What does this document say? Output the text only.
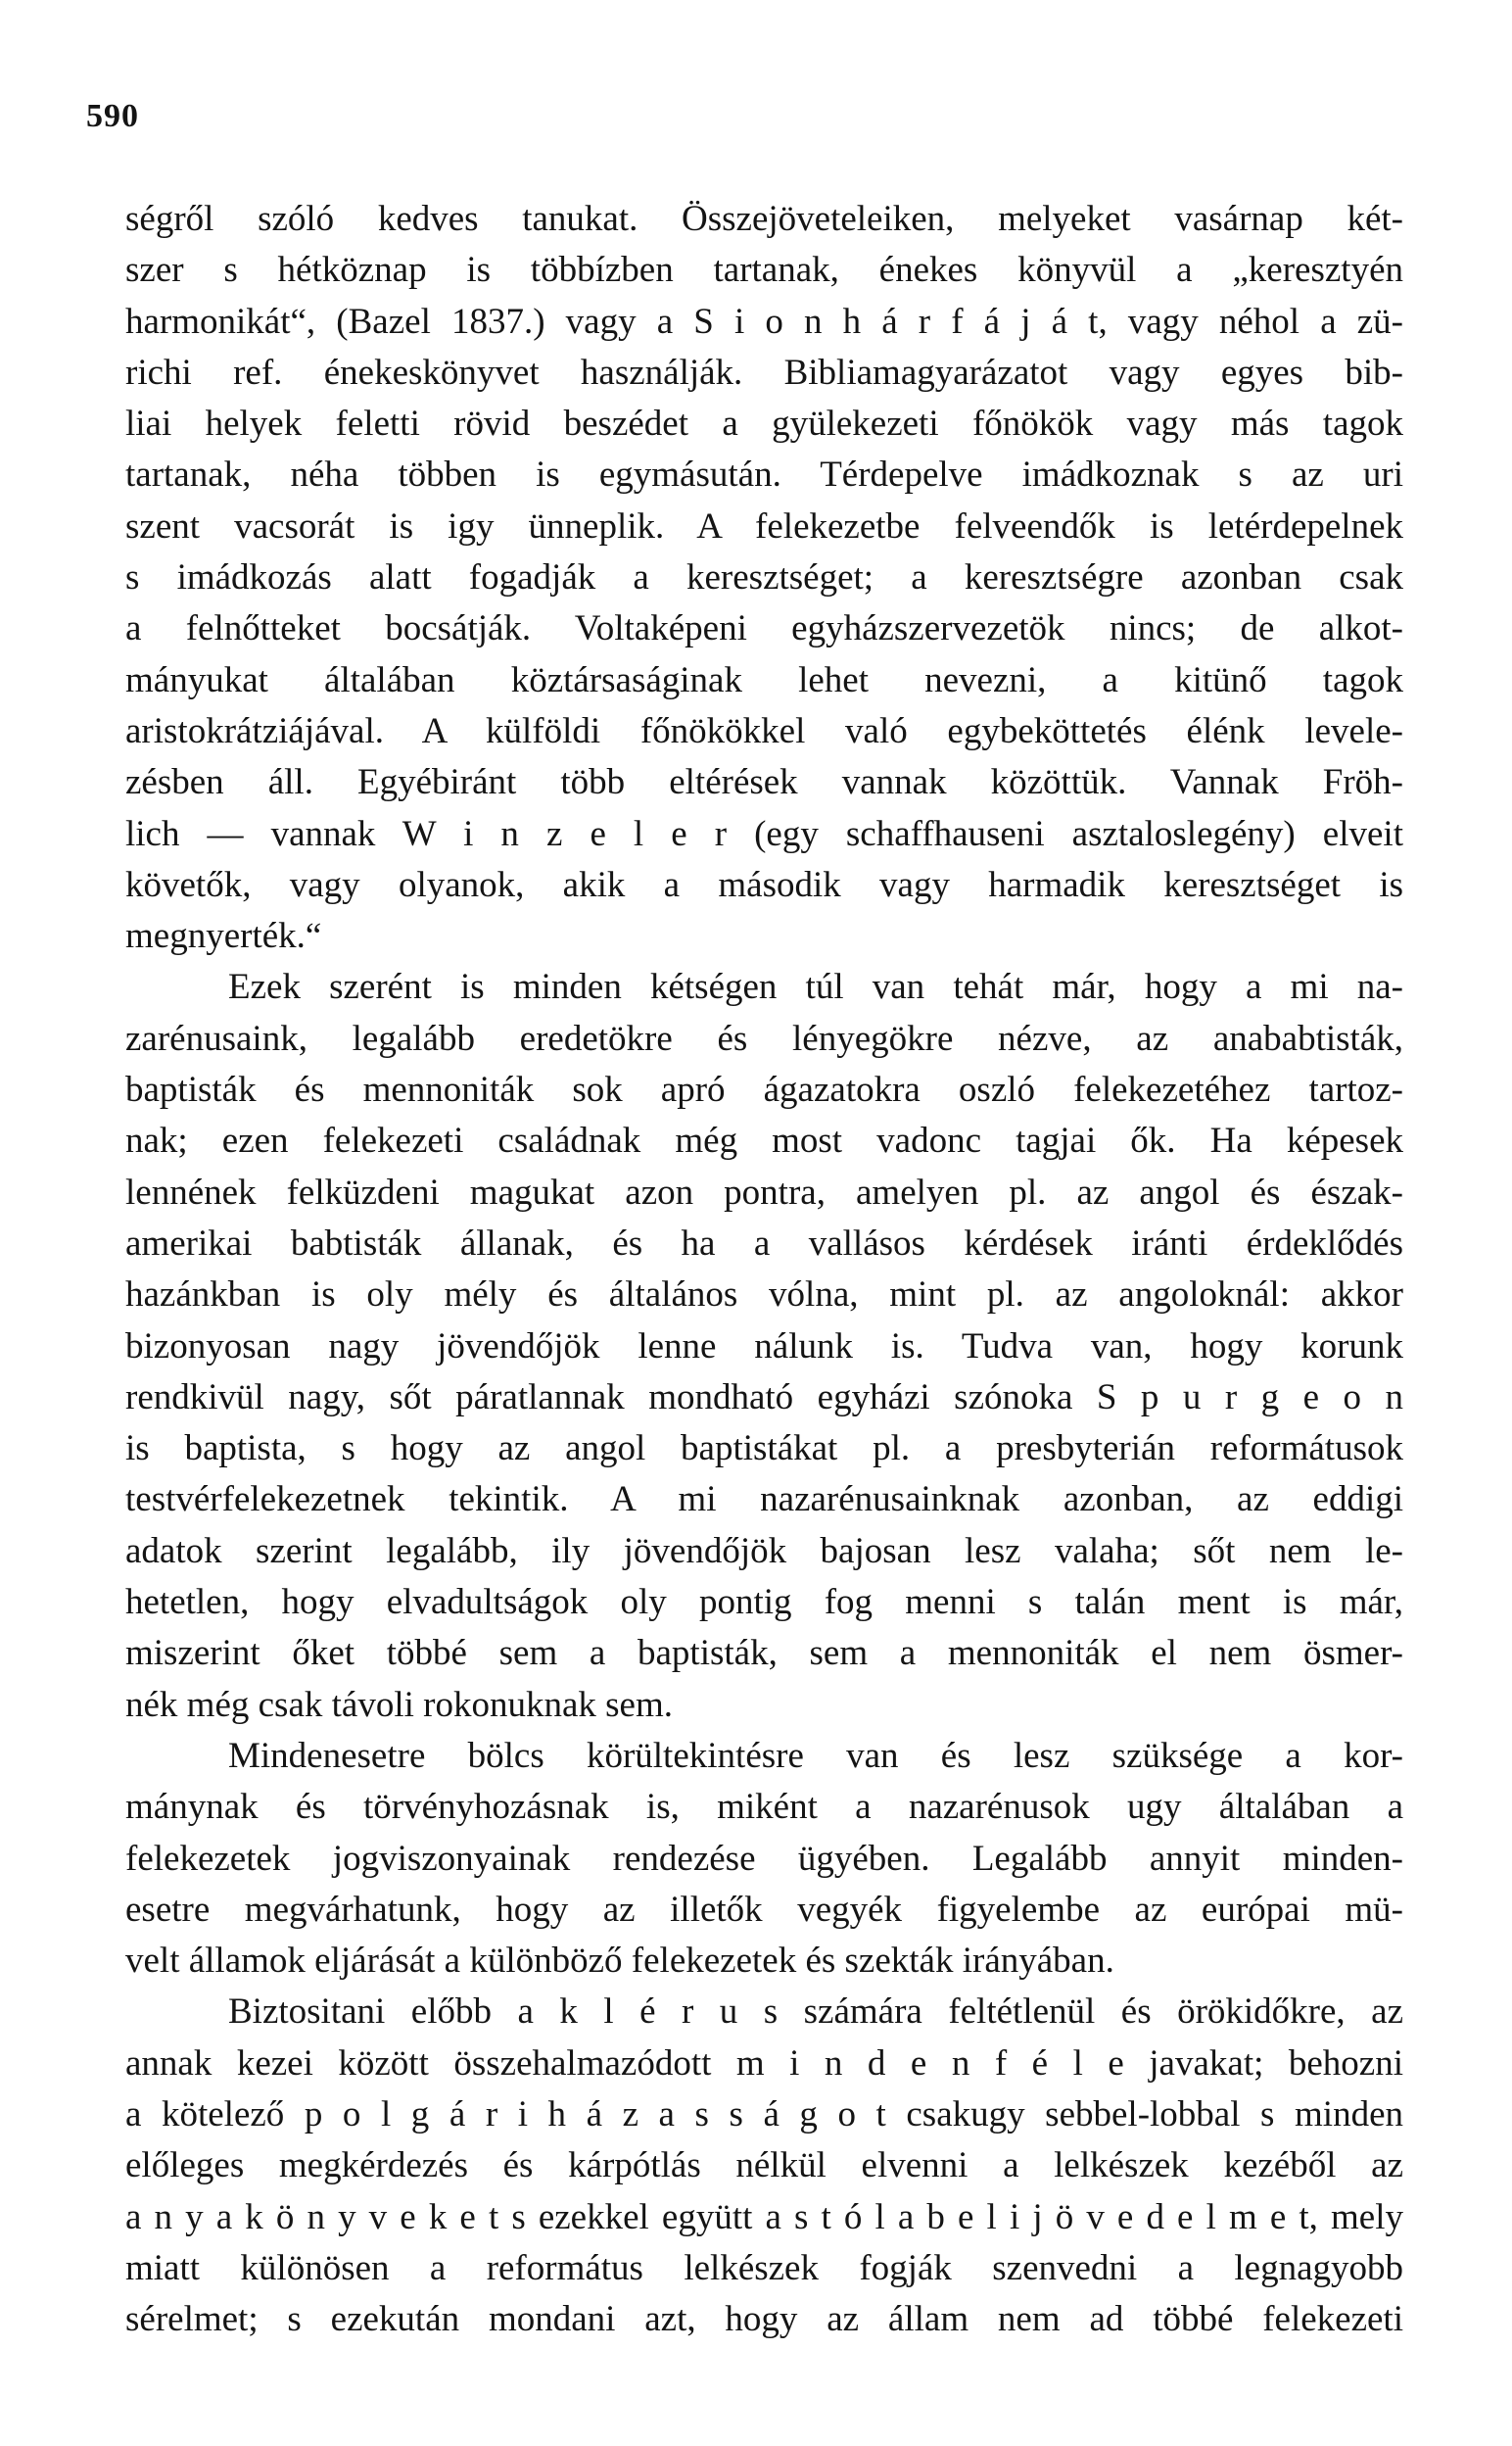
590
ségről szóló kedves tanukat. Összejöveteleiken, melyeket vasárnap két-
szer s hétköznap is többízben tartanak, énekes könyvül a „keresztyén
harmonikát“, (Bazel 1837.) vagy a S i o n h á r f á j á t, vagy néhol a zü-
richi ref. énekeskönyvet használják. Bibliamagyarázatot vagy egyes bib-
liai helyek feletti rövid beszédet a gyülekezeti főnökök vagy más tagok
tartanak, néha többen is egymásután. Térdepelve imádkoznak s az uri
szent vacsorát is igy ünneplik. A felekezetbe felveendők is letérdepelnek
s imádkozás alatt fogadják a keresztséget; a keresztségre azonban csak
a felnőtteket bocsátják. Voltaképeni egyházszervezetök nincs; de alkot-
mányukat általában köztársaságinak lehet nevezni, a kitünő tagok
aristokrátziájával. A külföldi főnökökkel való egybeköttetés élénk levele-
zésben áll. Egyébiránt több eltérések vannak közöttük. Vannak Fröh-
lich — vannak W i n z e l e r (egy schaffhauseni asztaloslegény) elveit
követők, vagy olyanok, akik a második vagy harmadik keresztséget is
megnyerték.“
Ezek szerént is minden kétségen túl van tehát már, hogy a mi na-
zarénusaink, legalább eredetökre és lényegökre nézve, az anababtisták,
baptisták és mennoniták sok apró ágazatokra oszló felekezetéhez tartoz-
nak; ezen felekezeti családnak még most vadonc tagjai ők. Ha képesek
lennének felküzdeni magukat azon pontra, amelyen pl. az angol és észak-
amerikai babtisták állanak, és ha a vallásos kérdések iránti érdeklődés
hazánkban is oly mély és általános vólna, mint pl. az angoloknál: akkor
bizonyosan nagy jövendőjök lenne nálunk is. Tudva van, hogy korunk
rendkivül nagy, sőt páratlannak mondható egyházi szónoka S p u r g e o n
is baptista, s hogy az angol baptistákat pl. a presbyterián reformátusok
testvérfelekezetnek tekintik. A mi nazarénusainknak azonban, az eddigi
adatok szerint legalább, ily jövendőjök bajosan lesz valaha; sőt nem le-
hetetlen, hogy elvadultságok oly pontig fog menni s talán ment is már,
miszerint őket többé sem a baptisták, sem a mennoniták el nem ösmer-
nék még csak távoli rokonuknak sem.
Mindenesetre bölcs körültekintésre van és lesz szüksége a kor-
mánynak és törvényhozásnak is, miként a nazarénusok ugy általában a
felekezetek jogviszonyainak rendezése ügyében. Legalább annyit minden-
esetre megvárhatunk, hogy az illetők vegyék figyelembe az európai mü-
velt államok eljárását a különböző felekezetek és szekták irányában.
Biztositani előbb a k l é r u s számára feltétlenül és örökidőkre, az
annak kezei között összehalmazódott m i n d e n f é l e javakat; behozni
a kötelező p o l g á r i h á z a s s á g o t csakugy sebbel-lobbal s minden
előleges megkérdezés és kárpótlás nélkül elvenni a lelkészek kezéből az
a n y a k ö n y v e k e t s ezekkel együtt a s t ó l a b e l i j ö v e d e l m e t, mely
miatt különösen a református lelkészek fogják szenvedni a legnagyobb
sérelmet; s ezekután mondani azt, hogy az állam nem ad többé felekezeti
